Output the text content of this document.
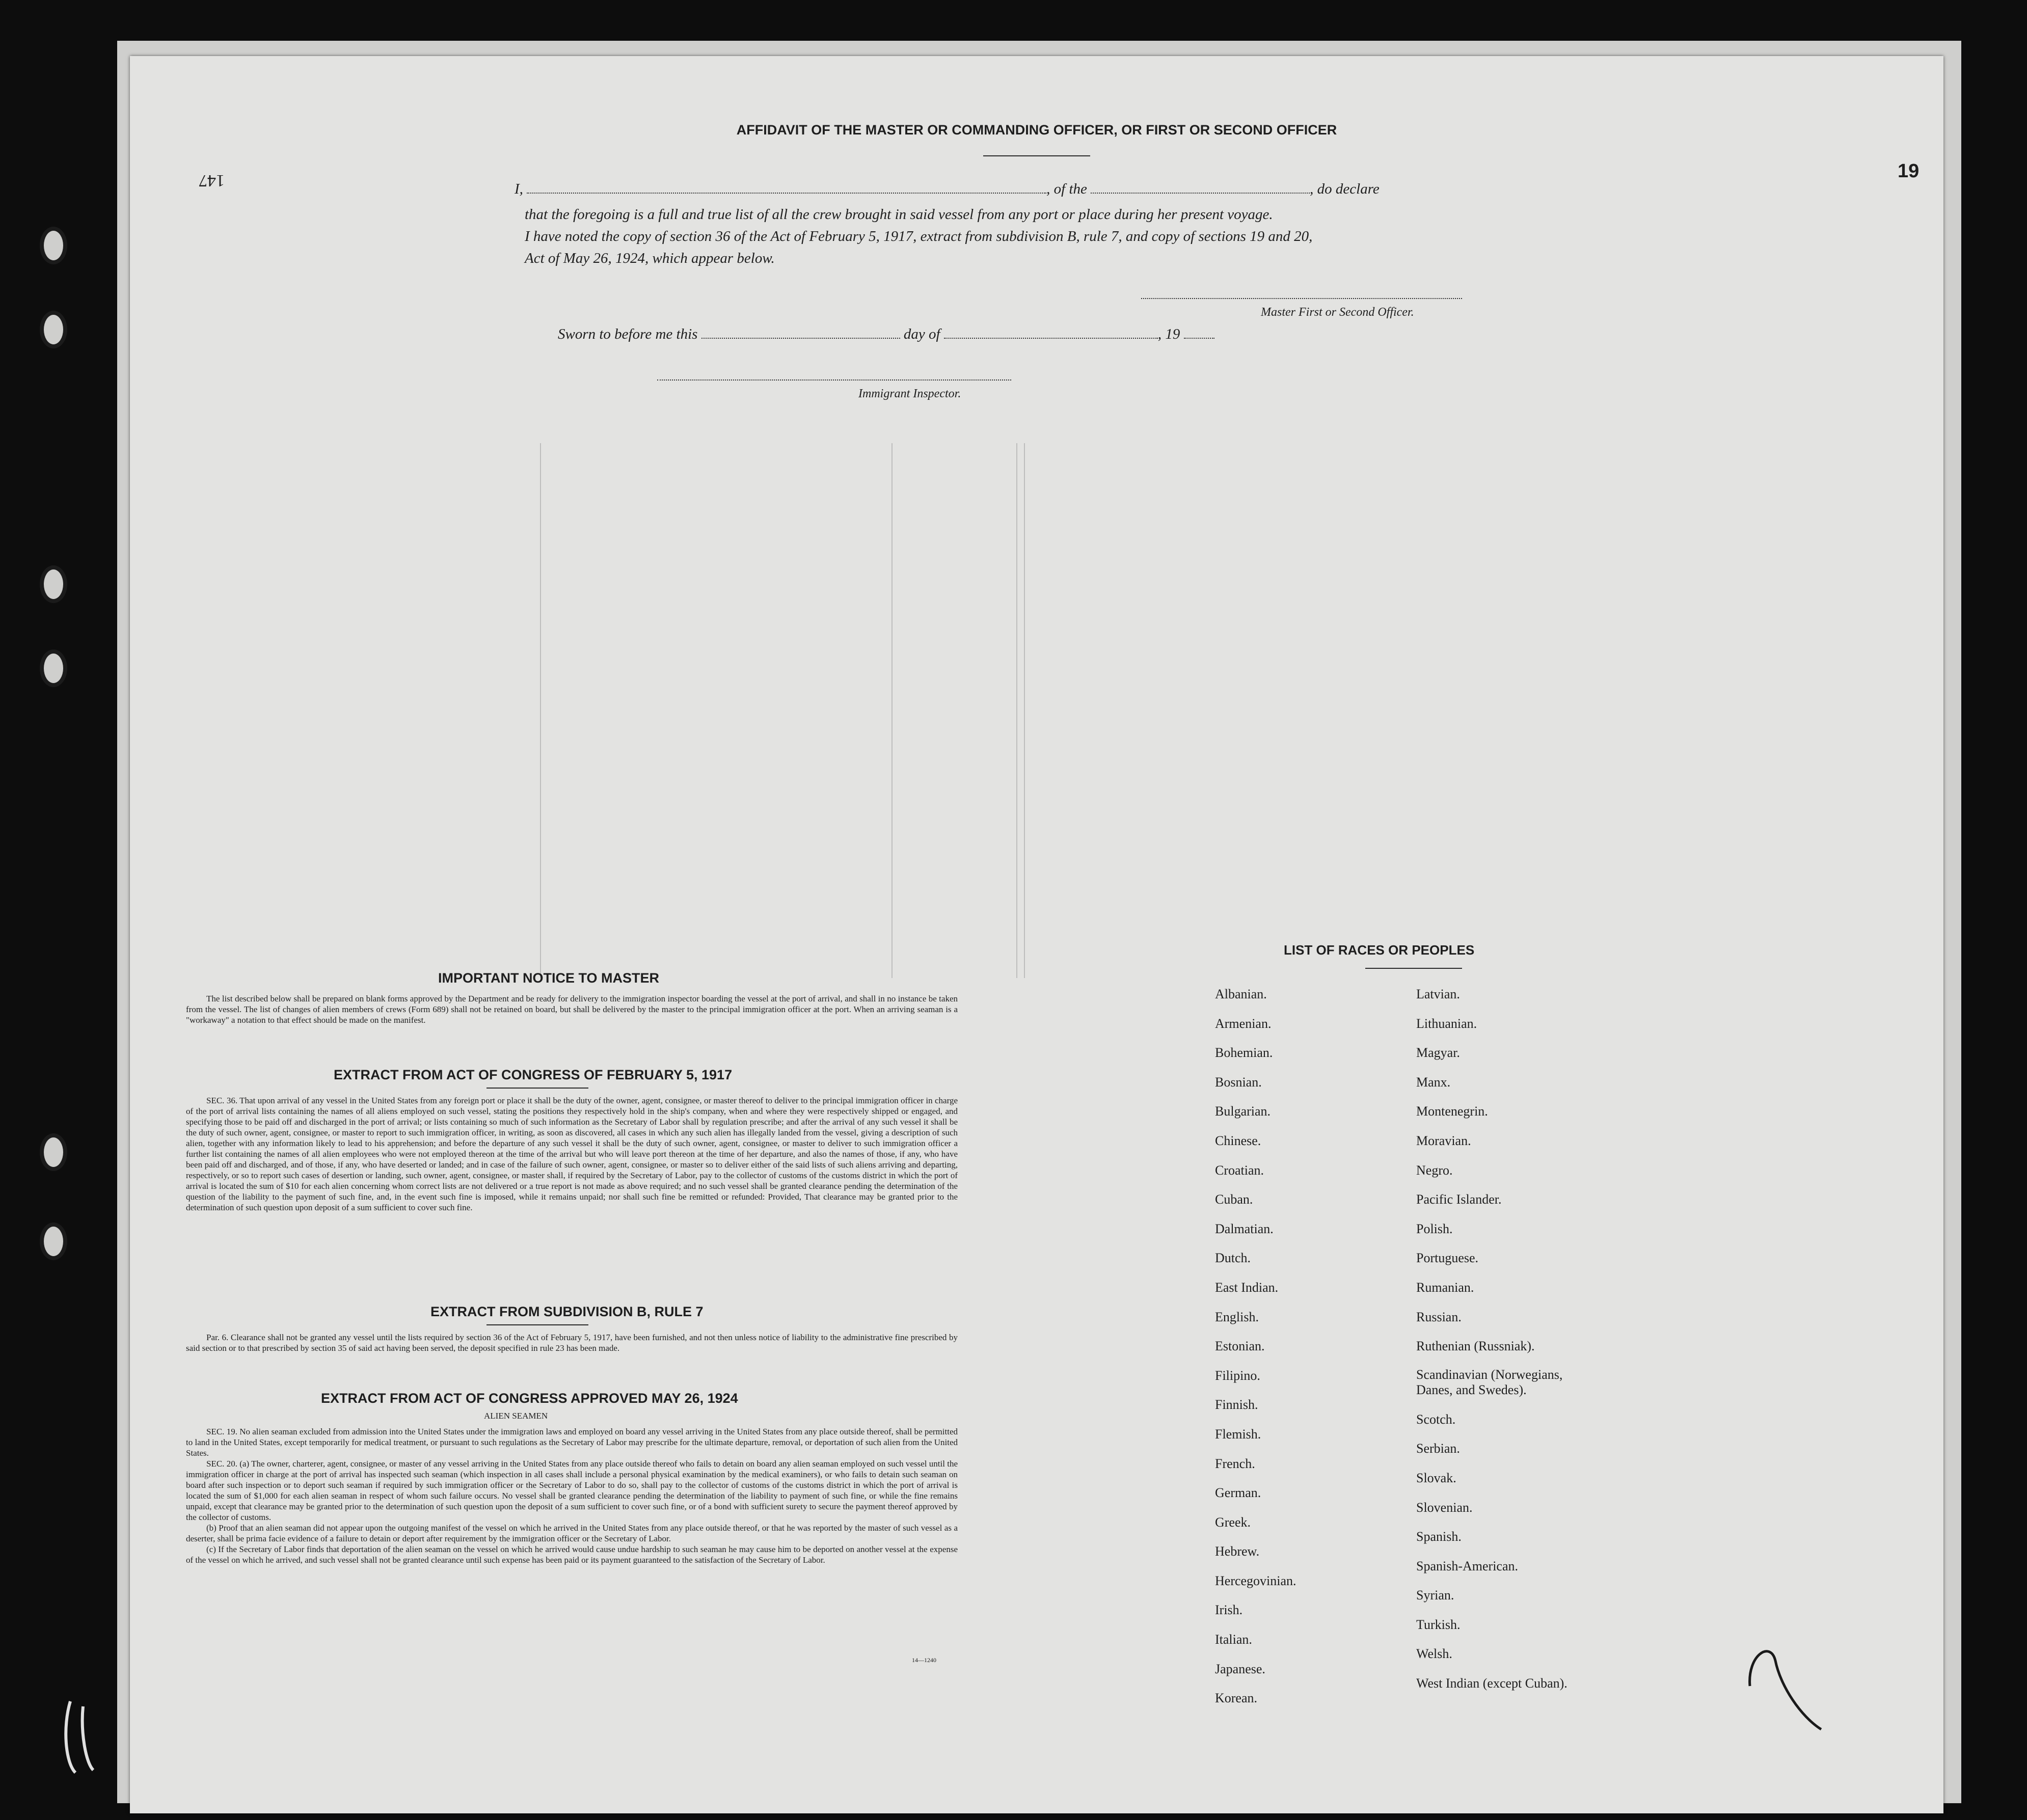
147	19
AFFIDAVIT OF THE MASTER OR COMMANDING OFFICER, OR FIRST OR SECOND OFFICER
I,	, of the	, do declare
that the foregoing is a full and true list of all the crew brought in said vessel from any port or place during her present voyage.
I have noted the copy of section 36 of the Act of February 5, 1917, extract from subdivision B, rule 7, and copy of sections 19 and 20,
Act of May 26, 1924, which appear below.
Master First or Second Officer.
Sworn to before me this	day of	, 19
Immigrant Inspector.
IMPORTANT NOTICE TO MASTER
The list described below shall be prepared on blank forms approved by the Department and be ready for delivery to the immigration inspector boarding the vessel at the port of arrival, and shall in no instance be taken from the vessel. The list of changes of alien members of crews (Form 689) shall not be retained on board, but shall be delivered by the master to the principal immigration officer at the port. When an arriving seaman is a "workaway" a notation to that effect should be made on the manifest.
EXTRACT FROM ACT OF CONGRESS OF FEBRUARY 5, 1917
SEC. 36. That upon arrival of any vessel in the United States from any foreign port or place it shall be the duty of the owner, agent, consignee, or master thereof to deliver to the principal immigration officer in charge of the port of arrival lists containing the names of all aliens employed on such vessel, stating the positions they respectively hold in the ship's company, when and where they were respectively shipped or engaged, and specifying those to be paid off and discharged in the port of arrival; or lists containing so much of such information as the Secretary of Labor shall by regulation prescribe; and after the arrival of any such vessel it shall be the duty of such owner, agent, consignee, or master to report to such immigration officer, in writing, as soon as discovered, all cases in which any such alien has illegally landed from the vessel, giving a description of such alien, together with any information likely to lead to his apprehension; and before the departure of any such vessel it shall be the duty of such owner, agent, consignee, or master to deliver to such immigration officer a further list containing the names of all alien employees who were not employed thereon at the time of the arrival but who will leave port thereon at the time of her departure, and also the names of those, if any, who have been paid off and discharged, and of those, if any, who have deserted or landed; and in case of the failure of such owner, agent, consignee, or master so to deliver either of the said lists of such aliens arriving and departing, respectively, or so to report such cases of desertion or landing, such owner, agent, consignee, or master shall, if required by the Secretary of Labor, pay to the collector of customs of the customs district in which the port of arrival is located the sum of $10 for each alien concerning whom correct lists are not delivered or a true report is not made as above required; and no such vessel shall be granted clearance pending the determination of the question of the liability to the payment of such fine, and, in the event such fine is imposed, while it remains unpaid; nor shall such fine be remitted or refunded: Provided, That clearance may be granted prior to the determination of such question upon deposit of a sum sufficient to cover such fine.
EXTRACT FROM SUBDIVISION B, RULE 7
Par. 6. Clearance shall not be granted any vessel until the lists required by section 36 of the Act of February 5, 1917, have been furnished, and not then unless notice of liability to the administrative fine prescribed by said section or to that prescribed by section 35 of said act having been served, the deposit specified in rule 23 has been made.
EXTRACT FROM ACT OF CONGRESS APPROVED MAY 26, 1924
ALIEN SEAMEN
SEC. 19. No alien seaman excluded from admission into the United States under the immigration laws and employed on board any vessel arriving in the United States from any place outside thereof, shall be permitted to land in the United States, except temporarily for medical treatment, or pursuant to such regulations as the Secretary of Labor may prescribe for the ultimate departure, removal, or deportation of such alien from the United States.
SEC. 20. (a) The owner, charterer, agent, consignee, or master of any vessel arriving in the United States from any place outside thereof who fails to detain on board any alien seaman employed on such vessel until the immigration officer in charge at the port of arrival has inspected such seaman (which inspection in all cases shall include a personal physical examination by the medical examiners), or who fails to detain such seaman on board after such inspection or to deport such seaman if required by such immigration officer or the Secretary of Labor to do so, shall pay to the collector of customs of the customs district in which the port of arrival is located the sum of $1,000 for each alien seaman in respect of whom such failure occurs. No vessel shall be granted clearance pending the determination of the liability to payment of such fine, or while the fine remains unpaid, except that clearance may be granted prior to the determination of such question upon the deposit of a sum sufficient to cover such fine, or of a bond with sufficient surety to secure the payment thereof approved by the collector of customs.
(b) Proof that an alien seaman did not appear upon the outgoing manifest of the vessel on which he arrived in the United States from any place outside thereof, or that he was reported by the master of such vessel as a deserter, shall be prima facie evidence of a failure to detain or deport after requirement by the immigration officer or the Secretary of Labor.
(c) If the Secretary of Labor finds that deportation of the alien seaman on the vessel on which he arrived would cause undue hardship to such seaman he may cause him to be deported on another vessel at the expense of the vessel on which he arrived, and such vessel shall not be granted clearance until such expense has been paid or its payment guaranteed to the satisfaction of the Secretary of Labor.
14—1240
LIST OF RACES OR PEOPLES
Albanian.
Armenian.
Bohemian.
Bosnian.
Bulgarian.
Chinese.
Croatian.
Cuban.
Dalmatian.
Dutch.
East Indian.
English.
Estonian.
Filipino.
Finnish.
Flemish.
French.
German.
Greek.
Hebrew.
Hercegovinian.
Irish.
Italian.
Japanese.
Korean.
Latvian.
Lithuanian.
Magyar.
Manx.
Montenegrin.
Moravian.
Negro.
Pacific Islander.
Polish.
Portuguese.
Rumanian.
Russian.
Ruthenian (Russniak).
Scandinavian (Norwegians, Danes, and Swedes).
Scotch.
Serbian.
Slovak.
Slovenian.
Spanish.
Spanish-American.
Syrian.
Turkish.
Welsh.
West Indian (except Cuban).
